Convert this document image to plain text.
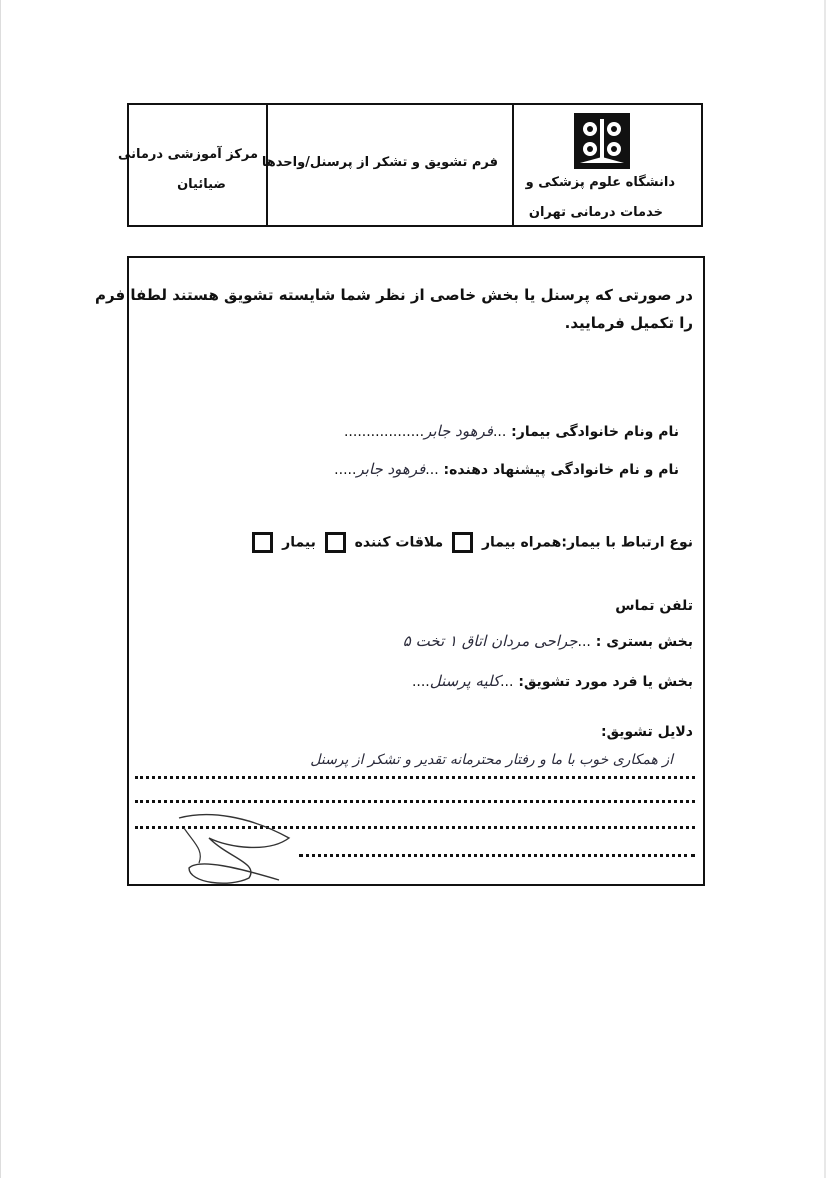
دانشگاه علوم پزشکی و
خدمات درمانی تهران
فرم تشویق و تشکر از پرسنل/واحدها
مرکز آموزشی درمانی
ضیائیان
در صورتی که پرسنل یا بخش خاصی از نظر شما شایسته تشویق هستند لطفا فرم
را تکمیل فرمایید.
نام ونام خانوادگی بیمار: ...فرهود جابر..................
نام و نام خانوادگی پیشنهاد دهنده: ...فرهود جابر.....
نوع ارتباط با بیمار:همراه بیمار  ملاقات کننده  بیمار
تلفن تماس
بخش بستری : ...جراحی مردان اتاق ۱ تخت ۵
بخش یا فرد مورد تشویق: ...کلیه پرسنل....
دلایل تشویق:
از همکاری خوب با ما و رفتار محترمانه تقدیر و تشکر از پرسنل
